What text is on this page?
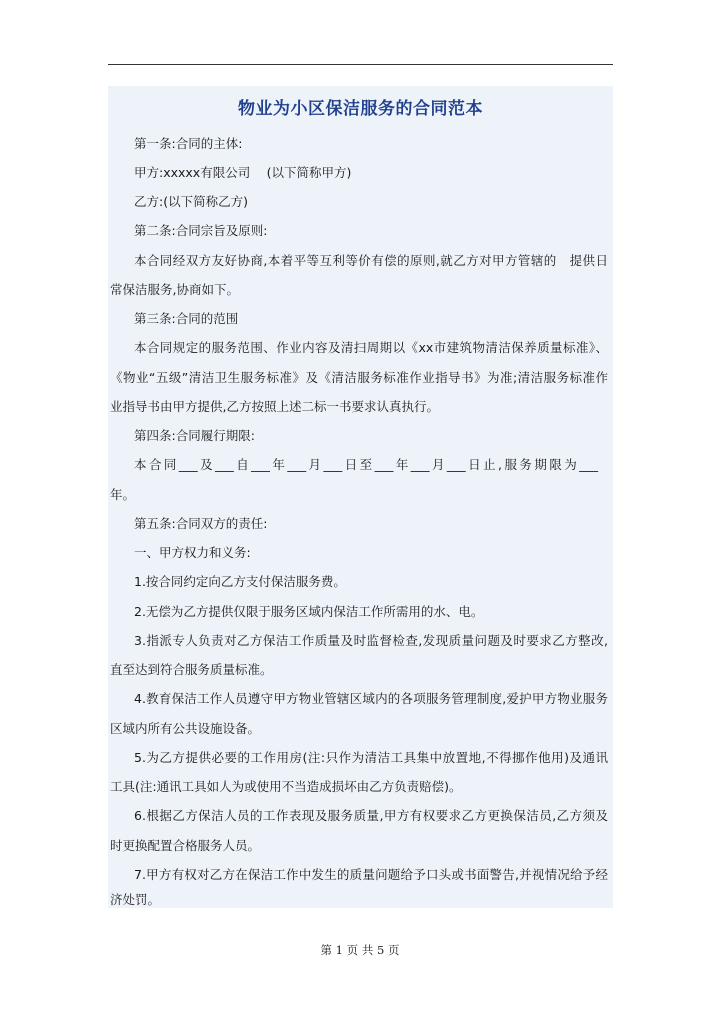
物业为小区保洁服务的合同范本
第一条:合同的主体:
甲方:xxxxx有限公司　 (以下简称甲方)
乙方:(以下简称乙方)
第二条:合同宗旨及原则:
本合同经双方友好协商,本着平等互利等价有偿的原则,就乙方对甲方管辖的　提供日
常保洁服务,协商如下。
第三条:合同的范围
本合同规定的服务范围、作业内容及清扫周期以《xx市建筑物清洁保养质量标准》、
《物业“五级”清洁卫生服务标准》及《清洁服务标准作业指导书》为准;清洁服务标准作
业指导书由甲方提供,乙方按照上述二标一书要求认真执行。
第四条:合同履行期限:
本合同___及___自___年___月___日至___年___月___日止,服务期限为___
年。
第五条:合同双方的责任:
一、甲方权力和义务:
1.按合同约定向乙方支付保洁服务费。
2.无偿为乙方提供仅限于服务区域内保洁工作所需用的水、电。
3.指派专人负责对乙方保洁工作质量及时监督检查,发现质量问题及时要求乙方整改,
直至达到符合服务质量标准。
4.教育保洁工作人员遵守甲方物业管辖区域内的各项服务管理制度,爱护甲方物业服务
区域内所有公共设施设备。
5.为乙方提供必要的工作用房(注:只作为清洁工具集中放置地,不得挪作他用)及通讯
工具(注:通讯工具如人为或使用不当造成损坏由乙方负责赔偿)。
6.根据乙方保洁人员的工作表现及服务质量,甲方有权要求乙方更换保洁员,乙方须及
时更换配置合格服务人员。
7.甲方有权对乙方在保洁工作中发生的质量问题给予口头或书面警告,并视情况给予经
济处罚。
第 1 页 共 5 页
